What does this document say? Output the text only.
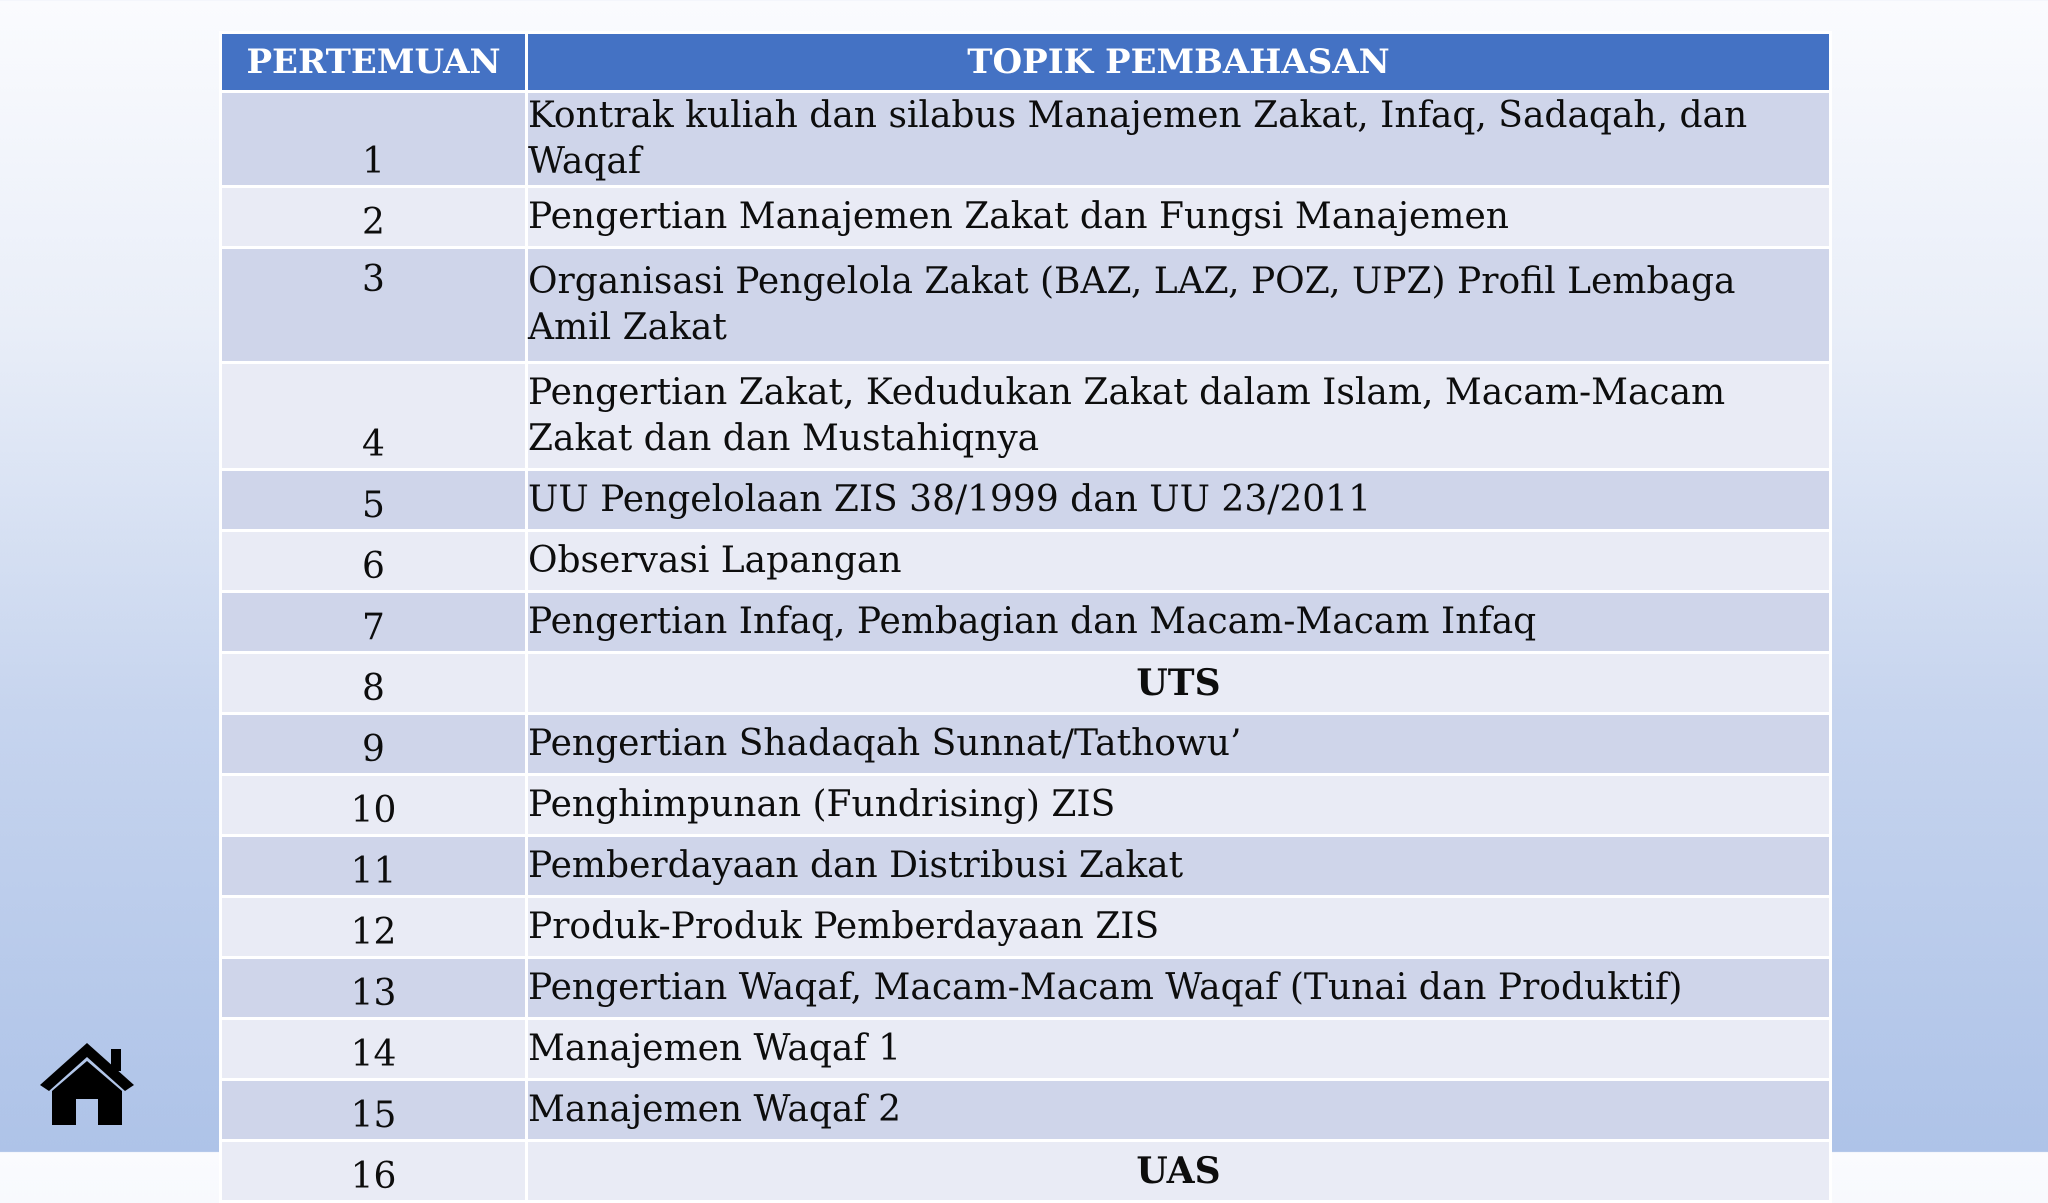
PERTEMUAN	TOPIK PEMBAHASAN
1	Kontrak kuliah dan silabus Manajemen Zakat, Infaq, Sadaqah, dan Waqaf
2	Pengertian Manajemen Zakat dan Fungsi Manajemen
3	Organisasi Pengelola Zakat (BAZ, LAZ, POZ, UPZ) Profil Lembaga Amil Zakat
4	Pengertian Zakat, Kedudukan Zakat dalam Islam, Macam-Macam Zakat dan dan Mustahiqnya
5	UU Pengelolaan ZIS 38/1999 dan UU 23/2011
6	Observasi Lapangan
7	Pengertian Infaq, Pembagian dan Macam-Macam Infaq
8	UTS
9	Pengertian Shadaqah Sunnat/Tathowu’
10	Penghimpunan (Fundrising) ZIS
11	Pemberdayaan dan Distribusi Zakat
12	Produk-Produk Pemberdayaan ZIS
13	Pengertian Waqaf, Macam-Macam Waqaf (Tunai dan Produktif)
14	Manajemen Waqaf 1
15	Manajemen Waqaf 2
16	UAS
